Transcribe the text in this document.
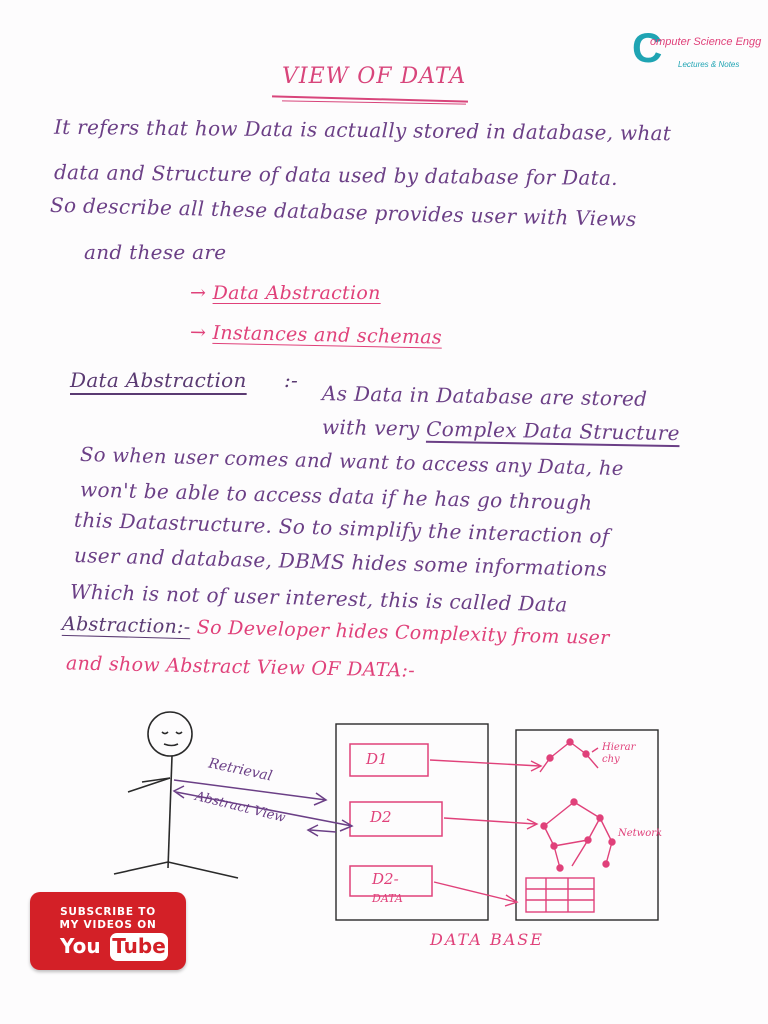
C
omputer Science Engg
Lectures & Notes
VIEW OF DATA
It refers that how Data is actually stored in database, what
data and Structure of data used by database for Data.
So describe all these database provides user with Views
and these are
→ Data Abstraction
→ Instances and schemas
Data Abstraction :-
As Data in Database are stored
with very Complex Data Structure
So when user comes and want to access any Data, he
won't be able to access data if he has go through
this Datastructure. So to simplify the interaction of
user and database, DBMS hides some informations
Which is not of user interest, this is called Data
Abstraction:- So Developer hides Complexity from user
and show Abstract View OF DATA:-
Retrieval
Abstract View
D1
D2
D2-
DATA
Hierar chy
Network
DATA BASE
SUBSCRIBE TO
MY VIDEOS ON
You Tube
